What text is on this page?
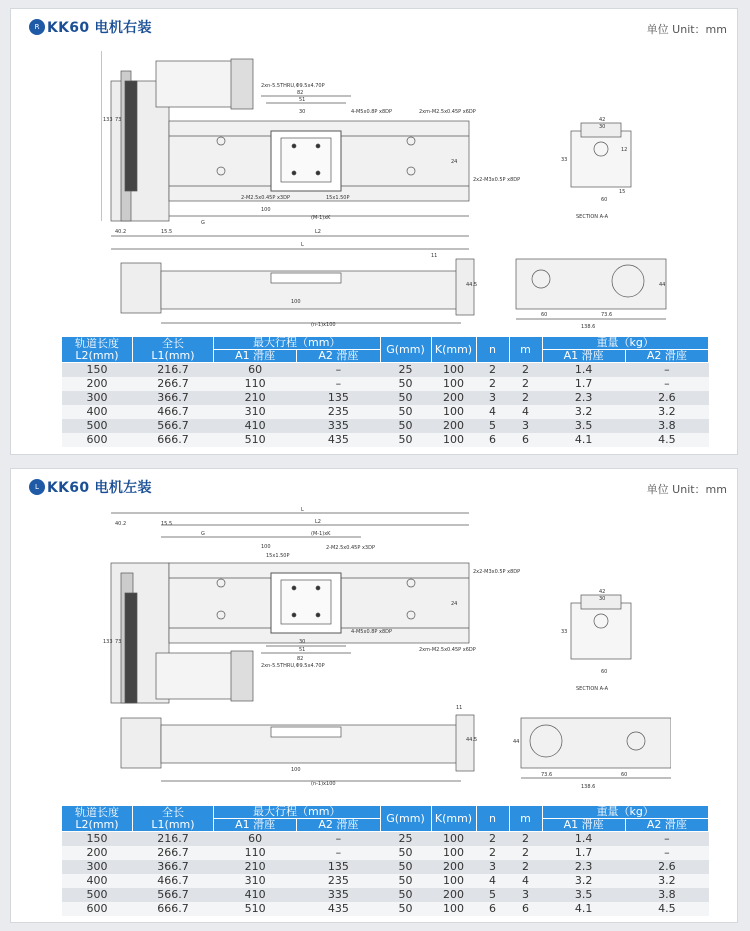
R KK60 电机右装	单位 Unit：mm
2xn-5.5THRU,Φ9.5x4.70P
4-M5x0.8P x8DP	2xm-M2.5x0.45P x6DP
2x2-M3x0.5P x8DP
2-M2.5x0.45P x3DP	15x1.50P
82
51
30
24
100
(M-1)xK
40.2	15.5
G
L2
L
11
44.5
100
(n-1)x100
42
30
33
12
60
15
SECTION A-A
60	73.6
138.6
44
133 73
轨道长度
L2(mm)	全长
L1(mm)	最大行程（mm）		G(mm)	K(mm)	n	m	重量（kg）	
		A1 滑座	A2 滑座					A1 滑座	A2 滑座
150	216.7	60	–	25	100	2	2	1.4	–
200	266.7	110	–	50	100	2	2	1.7	–
300	366.7	210	135	50	200	3	2	2.3	2.6
400	466.7	310	235	50	100	4	4	3.2	3.2
500	566.7	410	335	50	200	5	3	3.5	3.8
600	666.7	510	435	50	100	6	6	4.1	4.5
L KK60 电机左装	单位 Unit：mm
L
L2
40.2	15.5
G	(M-1)xK
100	2-M2.5x0.45P x3DP
15x1.50P
2x2-M3x0.5P x8DP
24
30
51
82
4-M5x0.8P x8DP
2xm-M2.5x0.45P x6DP
2xn-5.5THRU,Φ9.5x4.70P
133 73
11
44.5
100
(n-1)x100
42
30
33
60
SECTION A-A
73.6	60
138.6
44
轨道长度
L2(mm)	全长
L1(mm)	最大行程（mm）		G(mm)	K(mm)	n	m	重量（kg）	
		A1 滑座	A2 滑座					A1 滑座	A2 滑座
150	216.7	60	–	25	100	2	2	1.4	–
200	266.7	110	–	50	100	2	2	1.7	–
300	366.7	210	135	50	200	3	2	2.3	2.6
400	466.7	310	235	50	100	4	4	3.2	3.2
500	566.7	410	335	50	200	5	3	3.5	3.8
600	666.7	510	435	50	100	6	6	4.1	4.5
